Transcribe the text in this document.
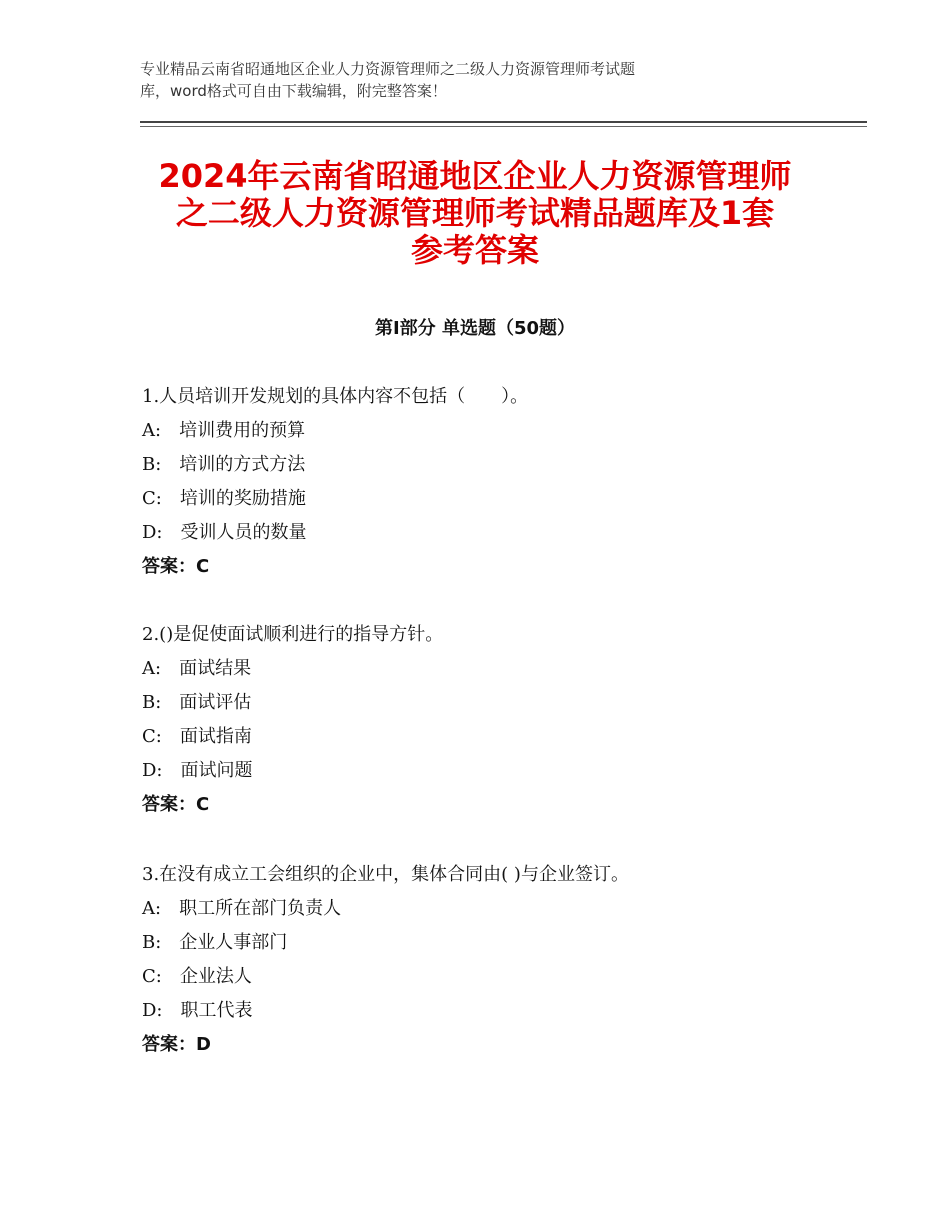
专业精品云南省昭通地区企业人力资源管理师之二级人力资源管理师考试题
库，word格式可自由下载编辑，附完整答案！
2024年云南省昭通地区企业人力资源管理师
之二级人力资源管理师考试精品题库及1套
参考答案
第Ⅰ部分 单选题（50题）
1.人员培训开发规划的具体内容不包括（　　）。
A:　培训费用的预算
B:　培训的方式方法
C:　培训的奖励措施
D:　受训人员的数量
答案：C
2.()是促使面试顺利进行的指导方针。
A:　面试结果
B:　面试评估
C:　面试指南
D:　面试问题
答案：C
3.在没有成立工会组织的企业中，集体合同由( )与企业签订。
A:　职工所在部门负责人
B:　企业人事部门
C:　企业法人
D:　职工代表
答案：D
